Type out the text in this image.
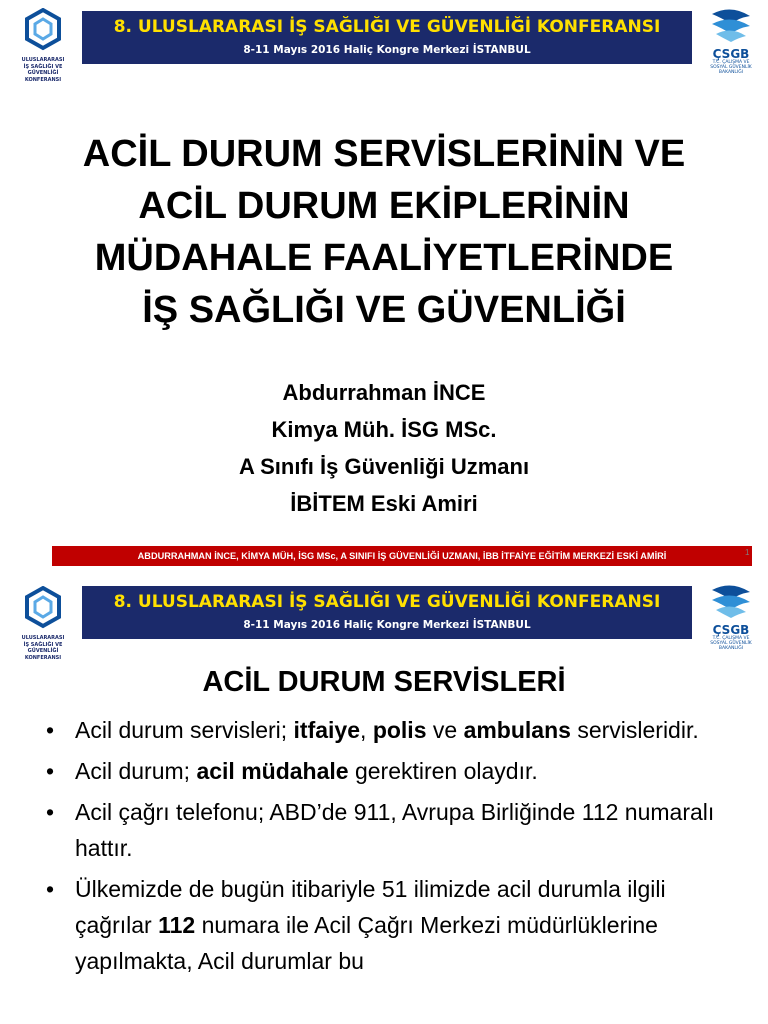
ULUSLARARASI
İŞ SAĞLIĞI VE GÜVENLİĞİ
KONFERANSI
8. ULUSLARARASI İŞ SAĞLIĞI VE GÜVENLİĞİ KONFERANSI
8-11 Mayıs 2016 Haliç Kongre Merkezi İSTANBUL	ÇSGB
T.C. ÇALIŞMA VE
SOSYAL GÜVENLİK
BAKANLIĞI
ACİL DURUM SERVİSLERİNİN VE
ACİL DURUM EKİPLERİNİN
MÜDAHALE FAALİYETLERİNDE
İŞ SAĞLIĞI VE GÜVENLİĞİ
Abdurrahman İNCE
Kimya Müh. İSG MSc.
A Sınıfı İş Güvenliği Uzmanı
İBİTEM Eski Amiri
ABDURRAHMAN İNCE, KİMYA MÜH, İSG MSc, A SINIFI İŞ GÜVENLİĞİ UZMANI, İBB İTFAİYE EĞİTİM MERKEZİ ESKİ AMİRİ	1
ULUSLARARASI
İŞ SAĞLIĞI VE GÜVENLİĞİ
KONFERANSI
8. ULUSLARARASI İŞ SAĞLIĞI VE GÜVENLİĞİ KONFERANSI
8-11 Mayıs 2016 Haliç Kongre Merkezi İSTANBUL	ÇSGB
T.C. ÇALIŞMA VE
SOSYAL GÜVENLİK
BAKANLIĞI
ACİL DURUM SERVİSLERİ
• Acil durum servisleri; itfaiye, polis ve ambulans servisleridir.
• Acil durum; acil müdahale gerektiren olaydır.
• Acil çağrı telefonu; ABD’de 911, Avrupa Birliğinde 112 numaralı hattır.
• Ülkemizde de bugün itibariyle 51 ilimizde acil durumla ilgili çağrılar 112 numara ile Acil Çağrı Merkezi müdürlüklerine yapılmakta, Acil durumlar bu
